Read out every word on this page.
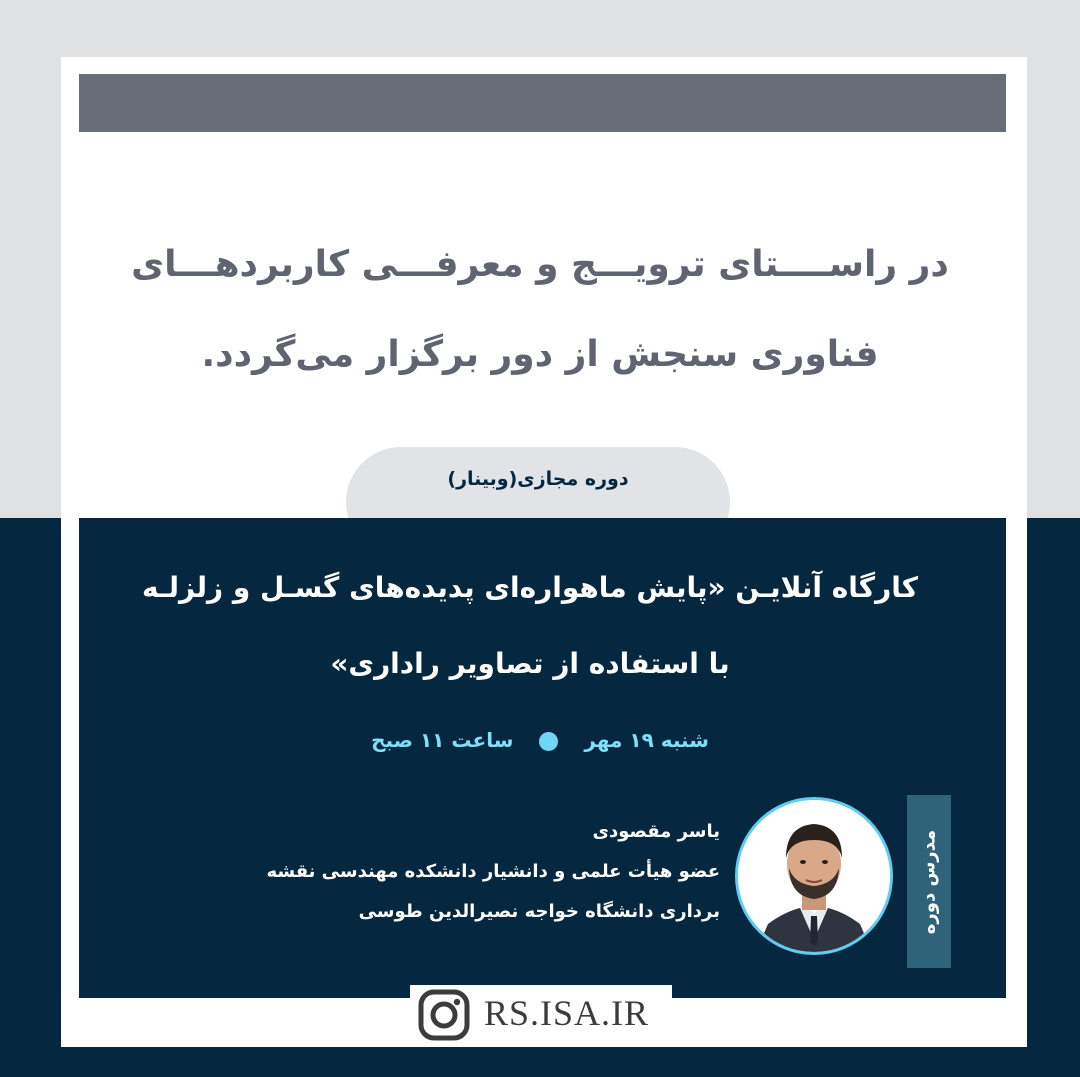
در راســــتای ترویـــج و معرفـــی کاربردهـــای
فناوری سنجش از دور برگزار می‌گردد.
دوره مجازی(وبینار)
کارگاه آنلایـن «پایش ماهواره‌ای پدیده‌های گسـل و زلزلـه
با استفاده از تصاویر راداری»
شنبه ۱۹ مهرساعت ۱۱ صبح
یاسر مقصودی
عضو هیأت علمی و دانشیار دانشکده مهندسی نقشه
برداری دانشگاه خواجه نصیرالدین طوسی	مدرس دوره
RS.ISA.IR
